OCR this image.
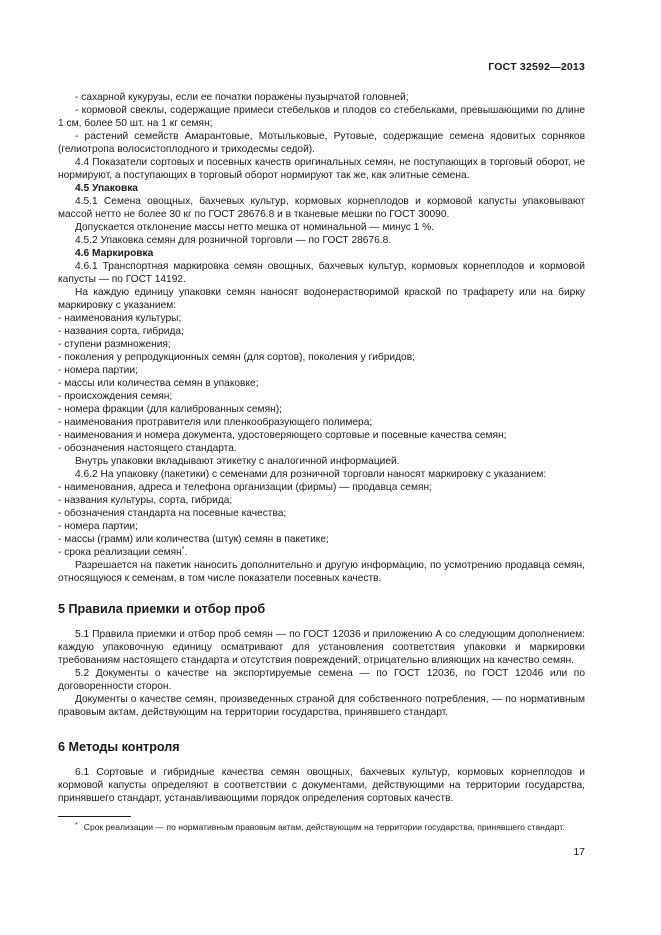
ГОСТ 32592—2013

- сахарной кукурузы, если ее початки поражены пузырчатой головней;

- кормовой свеклы, содержащие примеси стебельков и плодов со стебельками, превышающими по длине 1 см, более 50 шт. на 1 кг семян;

- растений семейств Амарантовые, Мотыльковые, Рутовые, содержащие семена ядовитых сорняков (гелиотропа волосистоплодного и триходесмы седой).

4.4 Показатели сортовых и посевных качеств оригинальных семян, не поступающих в торговый оборот, не нормируют, а поступающих в торговый оборот нормируют так же, как элитные семена.

4.5 Упаковка

4.5.1 Семена овощных, бахчевых культур, кормовых корнеплодов и кормовой капусты упаковывают массой нетто не более 30 кг по ГОСТ 28676.8 и в тканевые мешки по ГОСТ 30090.

Допускается отклонение массы нетто мешка от номинальной — минус 1 %.

4.5.2 Упаковка семян для розничной торговли — по ГОСТ 28676.8.

4.6 Маркировка

4.6.1 Транспортная маркировка семян овощных, бахчевых культур, кормовых корнеплодов и кормовой капусты — по ГОСТ 14192.

На каждую единицу упаковки семян наносят водонерастворимой краской по трафарету или на бирку маркировку с указанием:

- наименования культуры;

- названия сорта, гибрида;

- ступени размножения;

- поколения у репродукционных семян (для сортов), поколения у гибридов;

- номера партии;

- массы или количества семян в упаковке;

- происхождения семян;

- номера фракции (для калиброванных семян);

- наименования протравителя или пленкообразующего полимера;

- наименования и номера документа, удостоверяющего сортовые и посевные качества семян;

- обозначения настоящего стандарта.

Внутрь упаковки вкладывают этикетку с аналогичной информацией.

4.6.2 На упаковку (пакетики) с семенами для розничной торговли наносят маркировку с указанием:

- наименования, адреса и телефона организации (фирмы) — продавца семян;

- названия культуры, сорта, гибрида;

- обозначения стандарта на посевные качества;

- номера партии;

- массы (грамм) или количества (штук) семян в пакетике;

- срока реализации семян*.

Разрешается на пакетик наносить дополнительно и другую информацию, по усмотрению продавца семян, относящуюся к семенам, в том числе показатели посевных качеств.

5 Правила приемки и отбор проб

5.1 Правила приемки и отбор проб семян — по ГОСТ 12036 и приложению А со следующим дополнением: каждую упаковочную единицу осматривают для установления соответствия упаковки и маркировки требованиям настоящего стандарта и отсутствия повреждений, отрицательно влияющих на качество семян.

5.2 Документы о качестве на экспортируемые семена — по ГОСТ 12036, по ГОСТ 12046 или по договоренности сторон.

Документы о качестве семян, произведенных страной для собственного потребления, — по нормативным правовым актам, действующим на территории государства, принявшего стандарт.

6 Методы контроля

6.1 Сортовые и гибридные качества семян овощных, бахчевых культур, кормовых корнеплодов и кормовой капусты определяют в соответствии с документами, действующими на территории государства, принявшего стандарт, устанавливающими порядок определения сортовых качеств.

* Срок реализации — по нормативным правовым актам, действующим на территории государства, принявшего стандарт.
17
